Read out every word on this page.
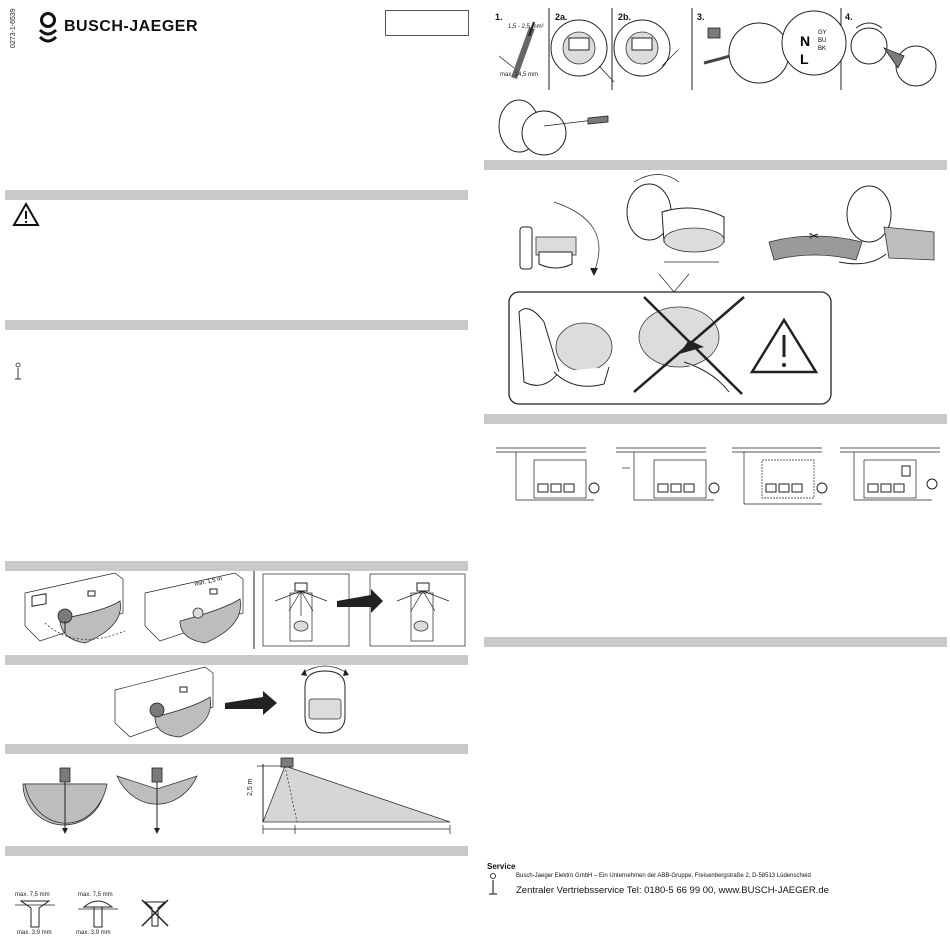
0273-1-6539	BUSCH-JAEGER
min. 1,5 m
2,5 m
max. 7,5 mm
max. 3,9 mm
max. 7,5 mm
max. 3,9 mm
1.	2a.	2b.	3.	4.
N
L
GY
BU
BK
1,5 - 2,5 mm²
max. 14,5 mm
✂
Service
Busch-Jaeger Elektro GmbH – Ein Unternehmen der ABB-Gruppe, Freisenbergstraße 2, D-58513 Lüdenscheid
Zentraler Vertriebsservice Tel: 0180-5 66 99 00, www.BUSCH-JAEGER.de
